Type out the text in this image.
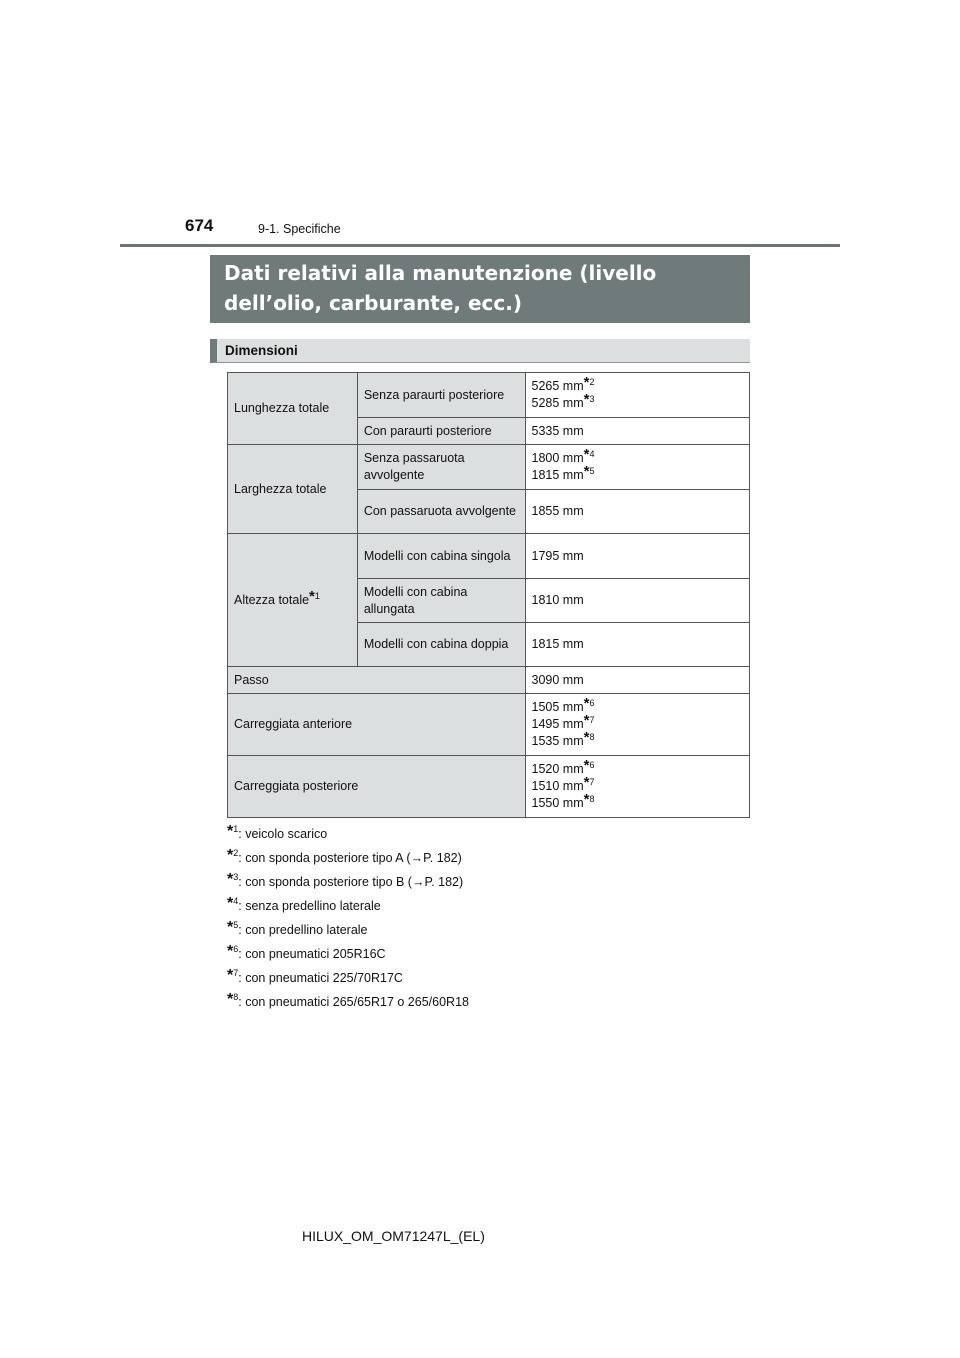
674	9-1. Specifiche
Dati relativi alla manutenzione (livello dell’olio, carburante, ecc.)
Dimensioni
Lunghezza totale	Senza paraurti posteriore	5265 $mm^{*2}$
5285 $mm^{*3}$

	Con paraurti posteriore	5335 mm

Larghezza totale	Senza passaruota avvolgente	1800 $mm^{*4}$
1815 $mm^{*5}$

	Con passaruota avvolgente	1855 mm

Altezza totale$^{*1}$	Modelli con cabina singola	1795 mm

	Modelli con cabina allungata	1810 mm

	Modelli con cabina doppia	1815 mm

Passo		3090 mm

Carreggiata anteriore		1505 $mm^{*6}$
1495 $mm^{*7}$
1535 $mm^{*8}$

Carreggiata posteriore		1520 $mm^{*6}$
1510 $mm^{*7}$
1550 $mm^{*8}$
*$^1$: veicolo scarico
*$^2$: con sponda posteriore tipo A (→P. 182)
*$^3$: con sponda posteriore tipo B (→P. 182)
*$^4$: senza predellino laterale
*$^5$: con predellino laterale
*$^6$: con pneumatici 205R16C
*$^7$: con pneumatici 225/70R17C
*$^8$: con pneumatici 265/65R17 o 265/60R18
HILUX_OM_OM71247L_(EL)
